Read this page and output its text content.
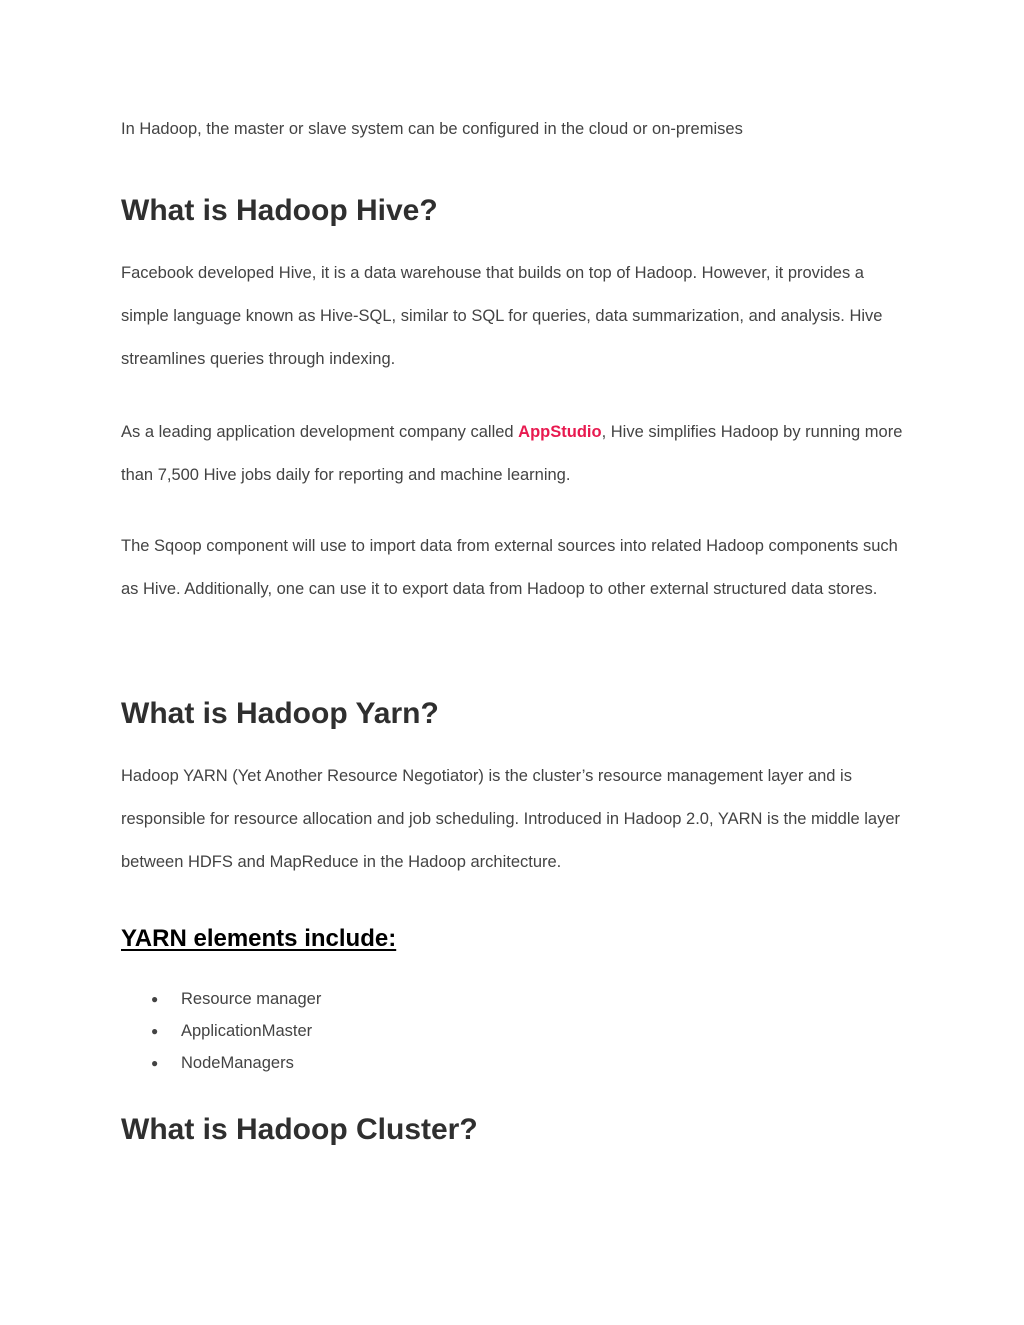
In Hadoop, the master or slave system can be configured in the cloud or on-premises

What is Hadoop Hive?

Facebook developed Hive, it is a data warehouse that builds on top of Hadoop. However, it provides a simple language known as Hive-SQL, similar to SQL for queries, data summarization, and analysis. Hive streamlines queries through indexing.

As a leading application development company called AppStudio, Hive simplifies Hadoop by running more than 7,500 Hive jobs daily for reporting and machine learning.

The Sqoop component will use to import data from external sources into related Hadoop components such as Hive. Additionally, one can use it to export data from Hadoop to other external structured data stores.

What is Hadoop Yarn?

Hadoop YARN (Yet Another Resource Negotiator) is the cluster’s resource management layer and is responsible for resource allocation and job scheduling. Introduced in Hadoop 2.0, YARN is the middle layer between HDFS and MapReduce in the Hadoop architecture.

YARN elements include:
● Resource manager
● ApplicationMaster
● NodeManagers
What is Hadoop Cluster?
